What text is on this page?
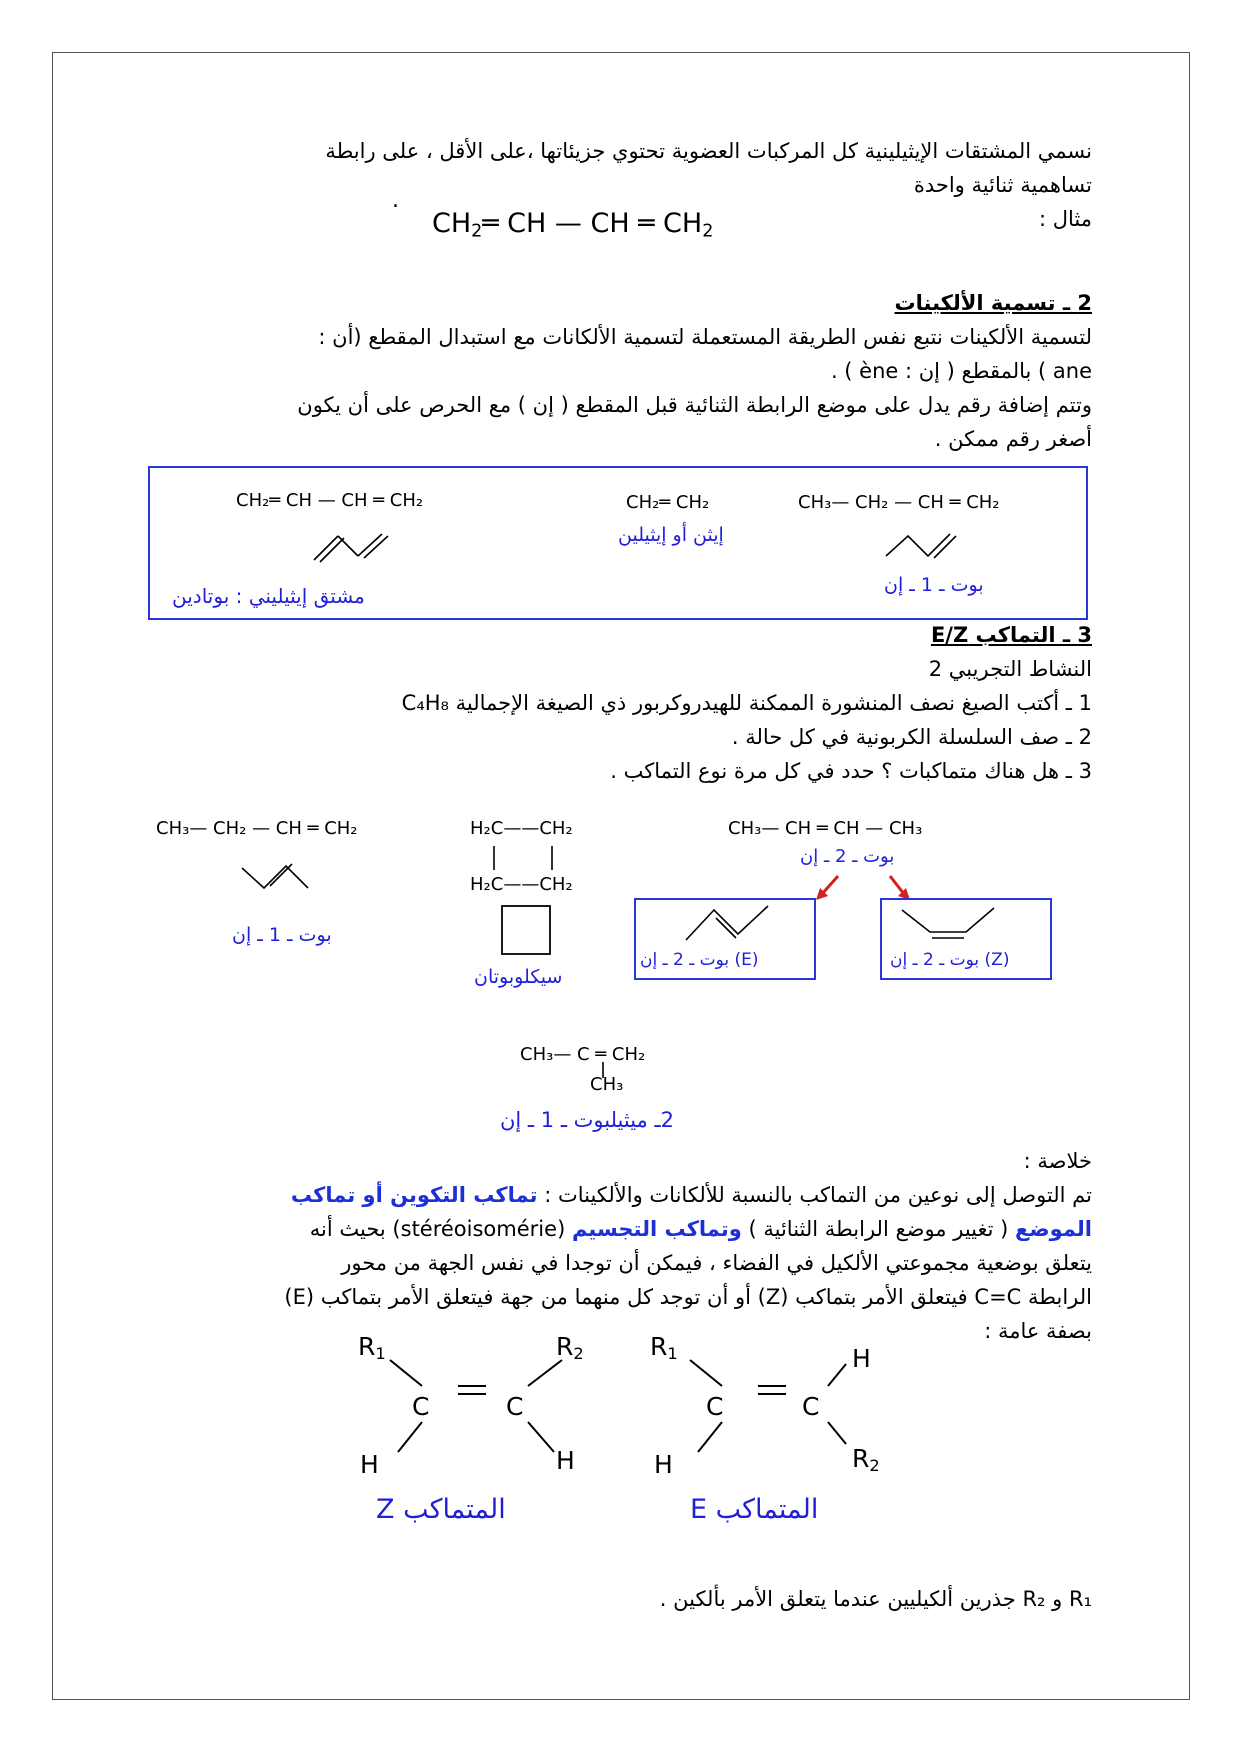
نسمي المشتقات الإيثيلينية كل المركبات العضوية تحتوي جزيئاتها ،على الأقل ، على رابطة
تساهمية ثنائية واحدة
مثال :
.
$CH_2═$ CH — CH ═ $CH_2$
2 ـ تسمية الألكينات
لتسمية الألكينات نتبع نفس الطريقة المستعملة لتسمية الألكانات مع استبدال المقطع (أن :
ane ) بالمقطع ( إن : ène ) .
وتتم إضافة رقم يدل على موضع الرابطة الثنائية قبل المقطع ( إن ) مع الحرص على أن يكون
أصغر رقم ممكن .
CH₂═ CH — CH ═ CH₂
مشتق إيثيليني : بوتادين
CH₂═ CH₂
إيثن أو إيثيلين
CH₃— CH₂ — CH ═ CH₂
بوت ـ 1 ـ إن
3 ـ التماكب E/Z
النشاط التجريبي 2
1 ـ أكتب الصيغ نصف المنشورة الممكنة للهيدروكربور ذي الصيغة الإجمالية C₄H₈
2 ـ صف السلسلة الكربونية في كل حالة .
3 ـ هل هناك متماكبات ؟ حدد في كل مرة نوع التماكب .
CH₃— CH₂ — CH ═ CH₂
بوت ـ 1 ـ إن
H₂C——CH₂
H₂C——CH₂
سيكلوبوتان
CH₃— CH ═ CH — CH₃
بوت ـ 2 ـ إن
(E) بوت ـ 2 ـ إن	(Z) بوت ـ 2 ـ إن
CH₃— C ═ CH₂
CH₃
2ـ ميثيلبوت ـ 1 ـ إن
خلاصة :
تم التوصل إلى نوعين من التماكب بالنسبة للألكانات والألكينات : تماكب التكوين أو تماكب
الموضع ( تغيير موضع الرابطة الثنائية ) وتماكب التجسيم (stéréoisomérie) بحيث أنه
يتعلق بوضعية مجموعتي الألكيل في الفضاء ، فيمكن أن توجدا في نفس الجهة من محور
الرابطة C=C فيتعلق الأمر بتماكب (Z) أو أن توجد كل منهما من جهة فيتعلق الأمر بتماكب (E)
بصفة عامة :
$R_1$	$R_2$
C	C
H	H
المتماكب Z
$R_1$	H
C	C
H	$R_2$
المتماكب E
R₁ و R₂ جذرين ألكيليين عندما يتعلق الأمر بألكين .
